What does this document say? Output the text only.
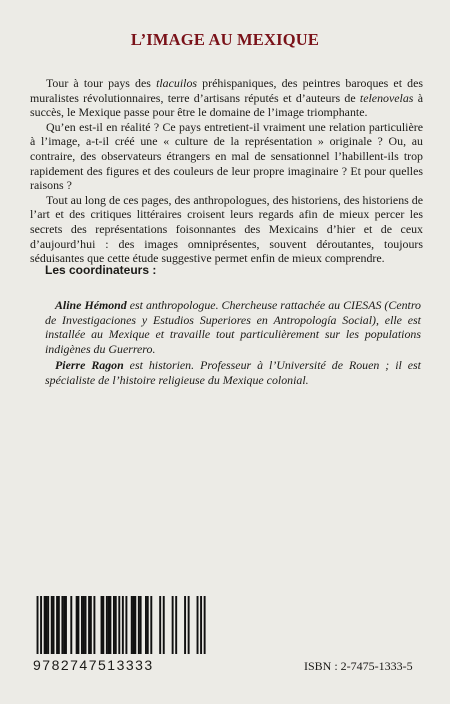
L’IMAGE AU MEXIQUE

Tour à tour pays des tlacuilos préhispaniques, des peintres baroques et des muralistes révolutionnaires, terre d’artisans réputés et d’auteurs de telenovelas à succès, le Mexique passe pour être le domaine de l’image triomphante.

Qu’en est-il en réalité ? Ce pays entretient-il vraiment une relation particulière à l’image, a-t-il créé une « culture de la représentation » originale ? Ou, au contraire, des observateurs étrangers en mal de sensationnel l’habillent-ils trop rapidement des figures et des couleurs de leur propre imaginaire ? Et pour quelles raisons ?

Tout au long de ces pages, des anthropologues, des historiens, des historiens de l’art et des critiques littéraires croisent leurs regards afin de mieux percer les secrets des représentations foisonnantes des Mexicains d’hier et de ceux d’aujourd’hui : des images omniprésentes, souvent déroutantes, toujours séduisantes que cette étude suggestive permet enfin de mieux comprendre.

Les coordinateurs :

Aline Hémond est anthropologue. Chercheuse rattachée au CIESAS (Centro de Investigaciones y Estudios Superiores en Antropología Social), elle est installée au Mexique et travaille tout particulièrement sur les populations indigènes du Guerrero.

Pierre Ragon est historien. Professeur à l’Université de Rouen ; il est spécialiste de l’histoire religieuse du Mexique colonial.

9782747513333	ISBN : 2-7475-1333-5
